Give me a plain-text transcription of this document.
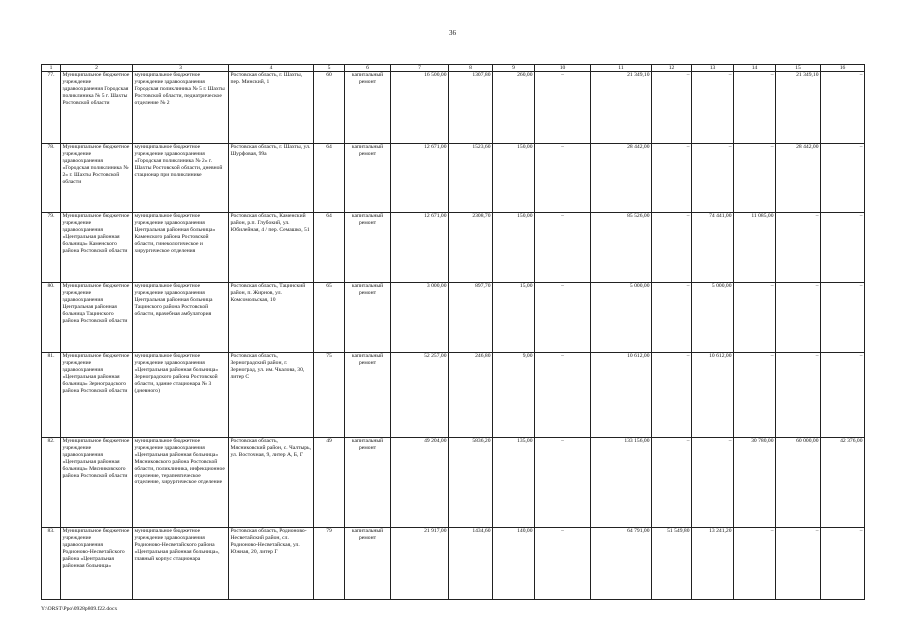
36
1	2	3	4	5	6	7	8	9	10	11	12	13	14	15	16
77.	Муниципальное бюджетное учреждение здравоохранения Городская поликлиника № 5 г. Шахты Ростовской области	муниципальное бюджетное учреждение здравоохранения Городская поликлиника № 5 г. Шахты Ростовской области, педиатрическое отделение № 2	Ростовская область, г. Шахты, пер. Минский, 1	60	капитальный ремонт	16 500,00	1307,80	260,00	–	21 349,10	–	–	–	21 349,10	–
78.	Муниципальное бюджетное учреждение здравоохранения «Городская поликлиника № 2» г. Шахты Ростовской области	муниципальное бюджетное учреждение здравоохранения «Городская поликлиника № 2» г. Шахты Ростовской области, дневной стационар при поликлинике	Ростовская область, г. Шахты, ул. Шурфовая, 99а	64	капитальный ремонт	12 671,00	1523,60	150,00	–	28 442,00	–	–	–	28 442,00	–
79.	Муниципальное бюджетное учреждение здравоохранения «Центральная районная больница» Каменского района Ростовской области	муниципальное бюджетное учреждение здравоохранения Центральная районная больница» Каменского района Ростовской области, гинекологическое и хирургическое отделения	Ростовская область, Каменский район, р.п. Глубокий, ул. Юбилейная, 4 / пер. Семашко, 51	64	капитальный ремонт	12 671,00	2308,70	150,00	–	85 526,00	–	74 441,00	11 085,00	–	–
80.	Муниципальное бюджетное учреждение здравоохранения Центральная районная больница Тацинского района Ростовской области	муниципальное бюджетное учреждение здравоохранения Центральная районная больница Тацинского района Ростовской области, врачебная амбулатория	Ростовская область, Тацинский район, п. Жирнов, ул. Комсомольская, 10	65	капитальный ремонт	3 000,00	897,70	15,00	–	5 000,00	–	5 000,00	–	–	–
81.	Муниципальное бюджетное учреждение здравоохранения «Центральная районная больница» Зерноградского района Ростовской области	муниципальное бюджетное учреждение здравоохранения «Центральная районная больница» Зерноградского района Ростовской области, здание стационара № 3 (дневного)	Ростовская область, Зерноградский район, г. Зерноград, ул. им. Чкалова, 30, литер С	75	капитальный ремонт	52 257,00	246,80	9,00	–	10 612,00	–	10 612,00	–	–	–
82.	Муниципальное бюджетное учреждение здравоохранения «Центральная районная больница» Мясниковского района Ростовской области	муниципальное бюджетное учреждение здравоохранения «Центральная районная больница» Мясниковского района Ростовской области, поликлиника, инфекционное отделение, терапевтическое отделение, хирургическое отделение	Ростовская область, Мясниковский район, с. Чалтырь, ул. Восточная, 9, литер А, Б, Г	49	капитальный ремонт	49 204,00	5836,20	135,00	–	133 156,00	–	–	30 780,00	60 000,00	42 376,00
83.	Муниципальное бюджетное учреждение здравоохранения Родионово-Несветайского района «Центральная районная больница»	муниципальное бюджетное учреждение здравоохранения Родионово-Несветайского района «Центральная районная больница», главный корпус стационара	Ростовская область, Родионово-Несветайский район, сл. Родионово-Несветайская, ул. Южная, 20, литер Г	79	капитальный ремонт	21 917,00	1434,60	140,00	–	64 791,00	51 549,80	13 241,20	–	–	–
Y:\ORST\Ppo\0928p809.f22.docx
